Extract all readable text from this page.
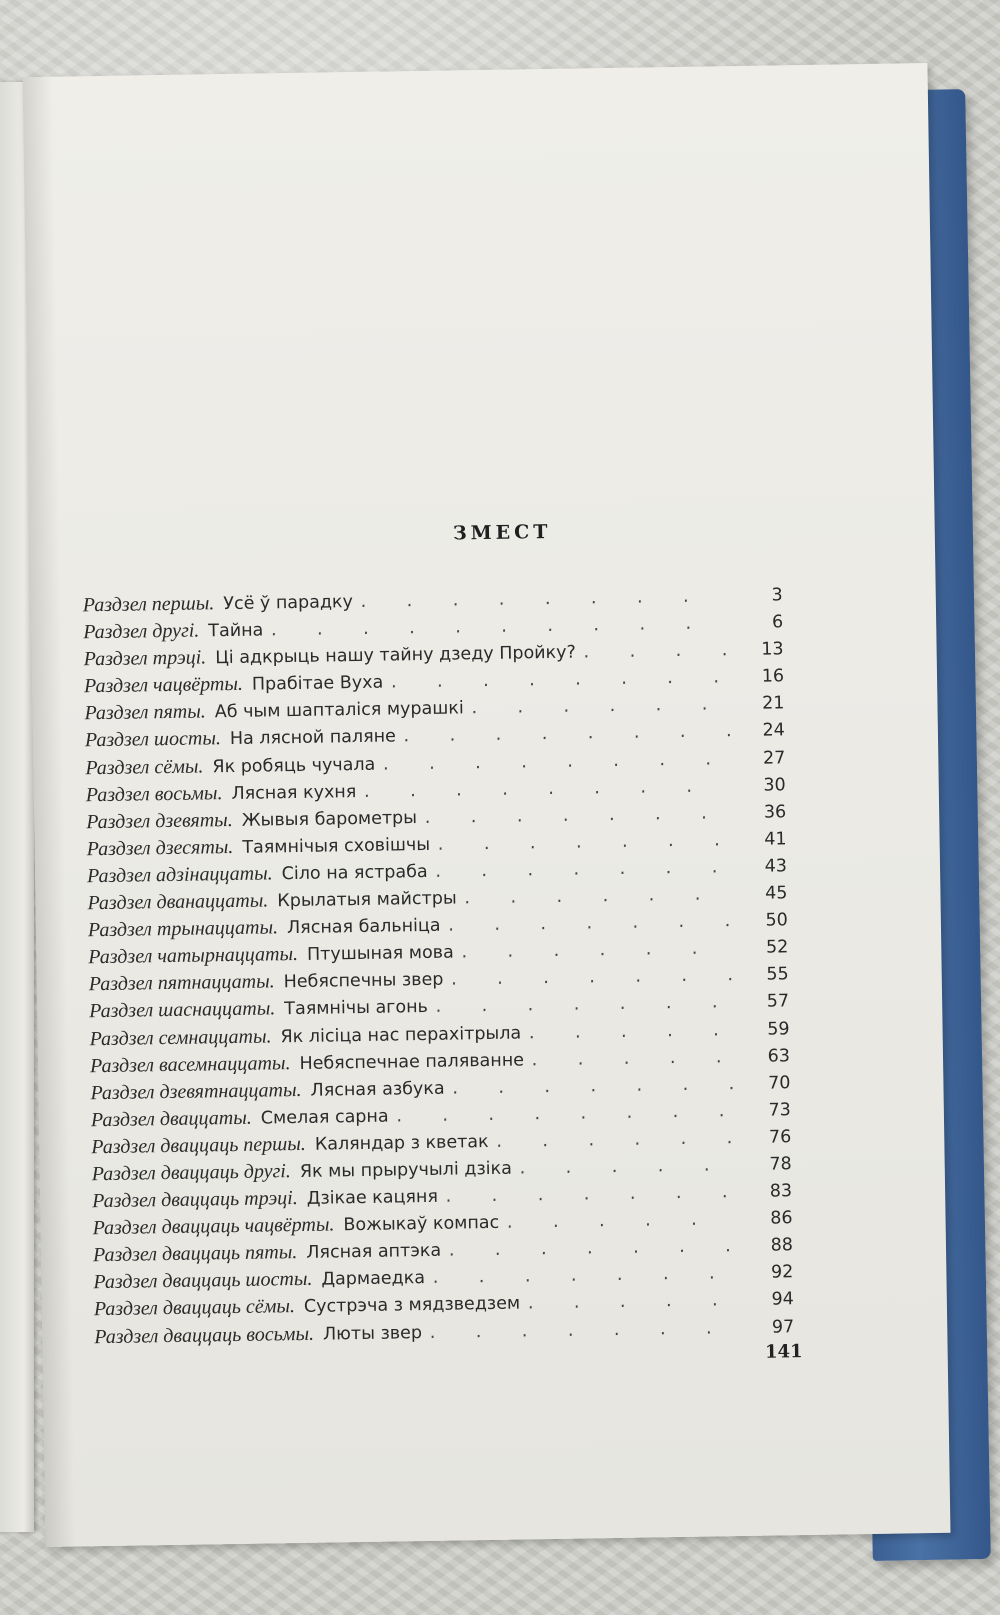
ЗМЕСТ
Раздзел першы. Усё ў парадку . . .	3
Раздзел другі. Тайна . . .	6
Раздзел трэці. Ці адкрыць нашу тайну дзеду Пройку? . . .	13
Раздзел чацвёрты. Прабітае Вуха . . .	16
Раздзел пяты. Аб чым шапталіся мурашкі . . .	21
Раздзел шосты. На лясной паляне . . .	24
Раздзел сёмы. Як робяць чучала . . .	27
Раздзел восьмы. Лясная кухня . . .	30
Раздзел дзевяты. Жывыя барометры . . .	36
Раздзел дзесяты. Таямнічыя сховішчы . . .	41
Раздзел адзінаццаты. Сіло на ястраба . . .	43
Раздзел дванаццаты. Крылатыя майстры . . .	45
Раздзел трынаццаты. Лясная бальніца . . .	50
Раздзел чатырнаццаты. Птушыная мова . . .	52
Раздзел пятнаццаты. Небяспечны звер . . .	55
Раздзел шаснаццаты. Таямнічы агонь . . .	57
Раздзел семнаццаты. Як лісіца нас перахітрыла . . .	59
Раздзел васемнаццаты. Небяспечнае паляванне . . .	63
Раздзел дзевятнаццаты. Лясная азбука . . .	70
Раздзел дваццаты. Смелая сарна . . .	73
Раздзел дваццаць першы. Каляндар з кветак . . .	76
Раздзел дваццаць другі. Як мы прыручылі дзіка . . .	78
Раздзел дваццаць трэці. Дзікае кацяня . . .	83
Раздзел дваццаць чацвёрты. Вожыкаў компас . . .	86
Раздзел дваццаць пяты. Лясная аптэка . . .	88
Раздзел дваццаць шосты. Дармаедка . . .	92
Раздзел дваццаць сёмы. Сустрэча з мядзведзем . . .	94
Раздзел дваццаць восьмы. Люты звер . . .	97
141
